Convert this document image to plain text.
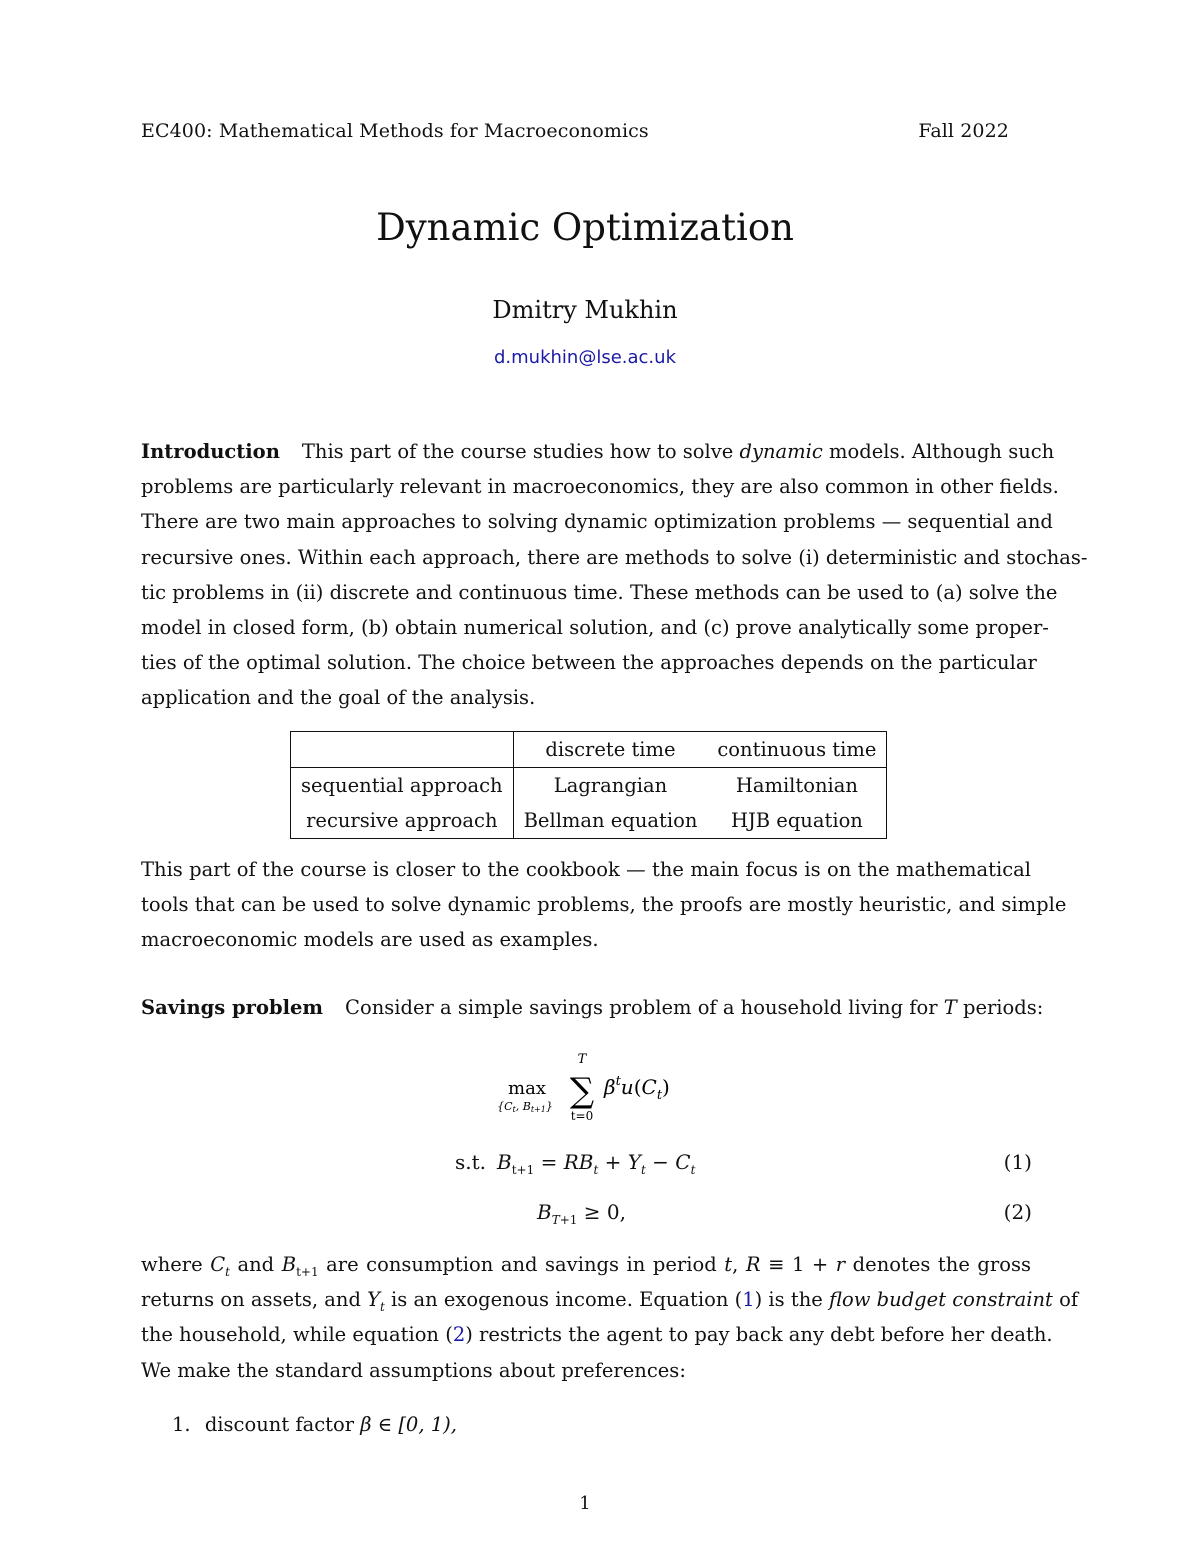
EC400: Mathematical Methods for Macroeconomics	Fall 2022
Dynamic Optimization
Dmitry Mukhin
d.mukhin@lse.ac.uk
Introduction This part of the course studies how to solve dynamic models. Although such
problems are particularly relevant in macroeconomics, they are also common in other fields.
There are two main approaches to solving dynamic optimization problems — sequential and
recursive ones. Within each approach, there are methods to solve (i) deterministic and stochas-
tic problems in (ii) discrete and continuous time. These methods can be used to (a) solve the
model in closed form, (b) obtain numerical solution, and (c) prove analytically some proper-
ties of the optimal solution. The choice between the approaches depends on the particular
application and the goal of the analysis.
	discrete time	continuous time
sequential approach	Lagrangian	Hamiltonian
recursive approach	Bellman equation	HJB equation
This part of the course is closer to the cookbook — the main focus is on the mathematical
tools that can be used to solve dynamic problems, the proofs are mostly heuristic, and simple
macroeconomic models are used as examples.
Savings problem Consider a simple savings problem of a household living for T periods:
max
{Ct, Bt+1}
T
∑
t=0
$\beta^tu(C_t)$
s.t. $B_{t+1} = RB_t + Y_t - C_t$	(1)
$B_{T+1} \ge 0$,	(2)
where $C_t$ and $B_{t+1}$ are consumption and savings in period t, R ≡ 1 + r denotes the gross
returns on assets, and $Y_t$ is an exogenous income. Equation (1) is the flow budget constraint of
the household, while equation (2) restricts the agent to pay back any debt before her death.
We make the standard assumptions about preferences:
1. discount factor β ∈ [0, 1),
1
